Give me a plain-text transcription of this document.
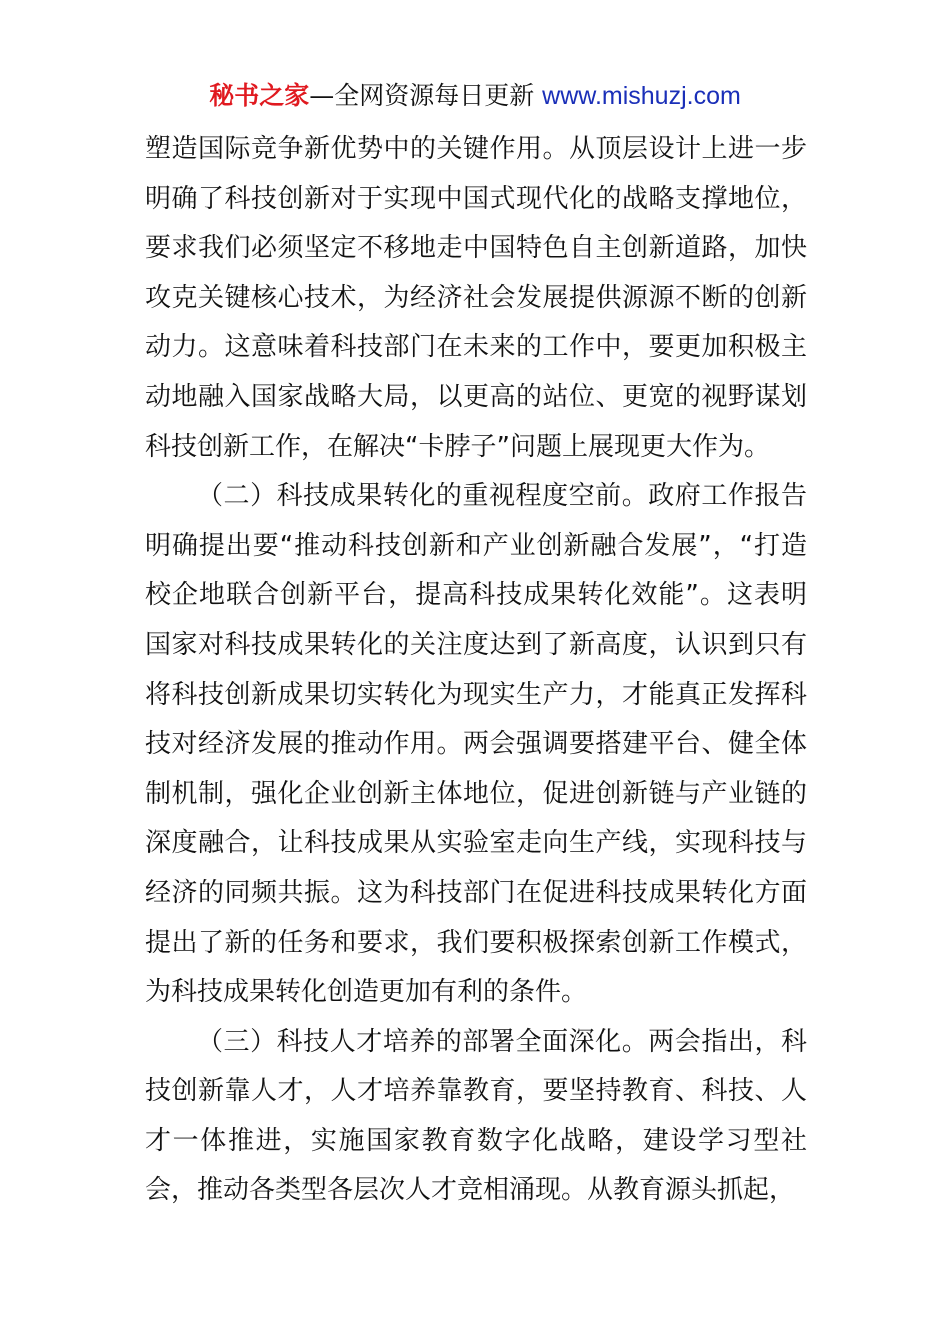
秘书之家—全网资源每日更新 www.mishuzj.com

塑造国际竞争新优势中的关键作用。从顶层设计上进一步明确了科技创新对于实现中国式现代化的战略支撑地位，要求我们必须坚定不移地走中国特色自主创新道路，加快攻克关键核心技术，为经济社会发展提供源源不断的创新动力。这意味着科技部门在未来的工作中，要更加积极主动地融入国家战略大局，以更高的站位、更宽的视野谋划科技创新工作，在解决“卡脖子”问题上展现更大作为。

（二）科技成果转化的重视程度空前。政府工作报告明确提出要“推动科技创新和产业创新融合发展”，“打造校企地联合创新平台，提高科技成果转化效能”。这表明国家对科技成果转化的关注度达到了新高度，认识到只有将科技创新成果切实转化为现实生产力，才能真正发挥科技对经济发展的推动作用。两会强调要搭建平台、健全体制机制，强化企业创新主体地位，促进创新链与产业链的深度融合，让科技成果从实验室走向生产线，实现科技与经济的同频共振。这为科技部门在促进科技成果转化方面提出了新的任务和要求，我们要积极探索创新工作模式，为科技成果转化创造更加有利的条件。

（三）科技人才培养的部署全面深化。两会指出，科技创新靠人才，人才培养靠教育，要坚持教育、科技、人才一体推进，实施国家教育数字化战略，建设学习型社会，推动各类型各层次人才竞相涌现。从教育源头抓起，
